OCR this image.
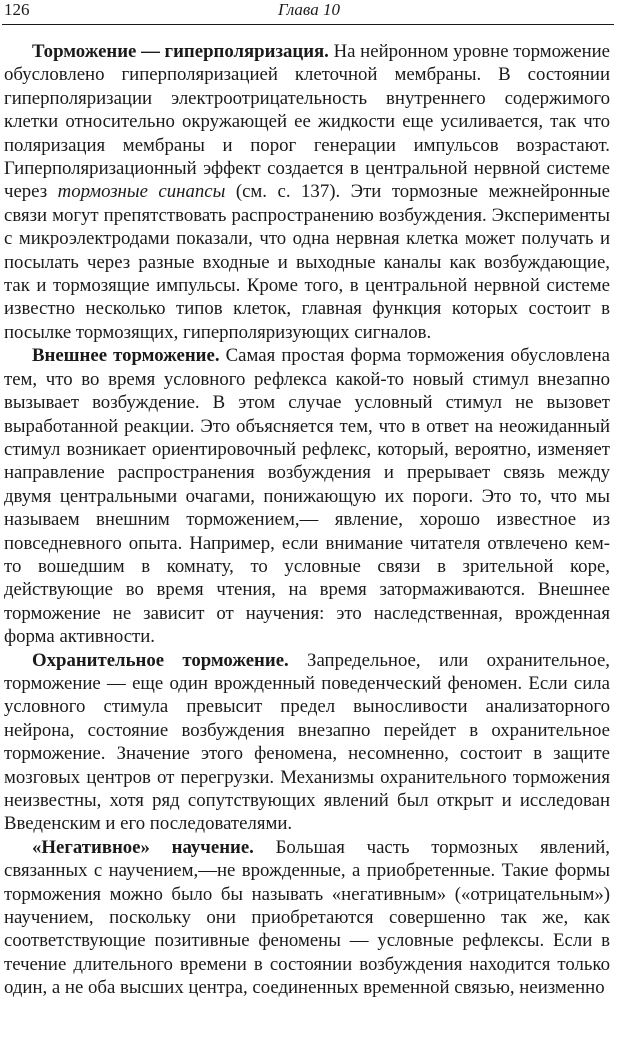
126	Глава 10

Торможение — гиперполяризация. На нейронном уровне торможение обусловлено гиперполяризацией клеточной мембраны. В состоянии гиперполяризации электроотрицательность внутреннего содержимого клетки относительно окружающей ее жидкости еще усиливается, так что поляризация мембраны и порог генерации импульсов возрастают. Гиперполяризационный эффект создается в центральной нервной системе через тормозные синапсы (см. с. 137). Эти тормозные межнейронные связи могут препятствовать распространению возбуждения. Эксперименты с микроэлектродами показали, что одна нервная клетка может получать и посылать через разные входные и выходные каналы как возбуждающие, так и тормозящие импульсы. Кроме того, в центральной нервной системе известно несколько типов клеток, главная функция которых состоит в посылке тормозящих, гиперполяризующих сигналов.

Внешнее торможение. Самая простая форма торможения обусловлена тем, что во время условного рефлекса какой-то новый стимул внезапно вызывает возбуждение. В этом случае условный стимул не вызовет выработанной реакции. Это объясняется тем, что в ответ на неожиданный стимул возникает ориентировочный рефлекс, который, вероятно, изменяет направление распространения возбуждения и прерывает связь между двумя центральными очагами, понижающую их пороги. Это то, что мы называем внешним торможением,— явление, хорошо известное из повседневного опыта. Например, если внимание читателя отвлечено кем-то вошедшим в комнату, то условные связи в зрительной коре, действующие во время чтения, на время затормаживаются. Внешнее торможение не зависит от научения: это наследственная, врожденная форма активности.

Охранительное торможение. Запредельное, или охранительное, торможение — еще один врожденный поведенческий феномен. Если сила условного стимула превысит предел выносливости анализаторного нейрона, состояние возбуждения внезапно перейдет в охранительное торможение. Значение этого феномена, несомненно, состоит в защите мозговых центров от перегрузки. Механизмы охранительного торможения неизвестны, хотя ряд сопутствующих явлений был открыт и исследован Введенским и его последователями.

«Негативное» научение. Большая часть тормозных явлений, связанных с научением,—не врожденные, а приобретенные. Такие формы торможения можно было бы называть «негативным» («отрицательным») научением, поскольку они приобретаются совершенно так же, как соответствующие позитивные феномены — условные рефлексы. Если в течение длительного времени в состоянии возбуждения находится только один, а не оба высших центра, соединенных временной связью, неизменно
